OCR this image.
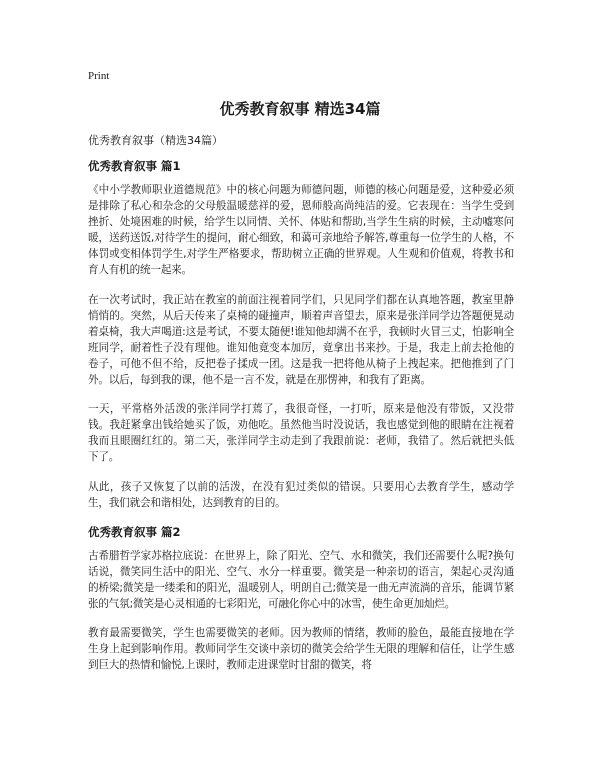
Print
优秀教育叙事 精选34篇

优秀教育叙事（精选34篇）

优秀教育叙事 篇1

《中小学教师职业道德规范》中的核心问题为师德问题，师德的核心问题是爱，这种爱必须是排除了私心和杂念的父母般温暖慈祥的爱，恩师般高尚纯洁的爱。它表现在：当学生受到挫折、处境困难的时候，给学生以同情、关怀、体贴和帮助,当学生生病的时候，主动嘘寒问暖，送药送饭,对待学生的提问，耐心细致，和蔼可亲地给予解答,尊重每一位学生的人格，不体罚或变相体罚学生,对学生严格要求，帮助树立正确的世界观。人生观和价值观，将教书和育人有机的统一起来。

在一次考试时，我正站在教室的前面注视着同学们，只见同学们都在认真地答题，教室里静悄悄的。突然，从后天传来了桌椅的碰撞声，顺着声音望去，原来是张洋同学边答题便晃动着桌椅，我大声喝道:这是考试，不要太随便!谁知他却满不在乎，我顿时火冒三丈，怕影响全班同学，耐着性子没有理他。谁知他竟变本加厉，竟拿出书来抄。于是，我走上前去抢他的卷子，可他不但不给，反把卷子揉成一团。这是我一把将他从椅子上拽起来。把他推到了门外。以后，每到我的课，他不是一言不发，就是在那愣神，和我有了距离。

一天，平常格外活泼的张洋同学打蔫了，我很奇怪，一打听，原来是他没有带饭，又没带钱。我赶紧拿出钱给她买了饭，劝他吃。虽然他当时没说话，我也感觉到他的眼睛在注视着我而且眼圈红红的。第二天，张洋同学主动走到了我跟前说：老师，我错了。然后就把头低下了。

从此，孩子又恢复了以前的活泼，在没有犯过类似的错误。只要用心去教育学生，感动学生，我们就会和谐相处，达到教育的目的。

优秀教育叙事 篇2

古希腊哲学家苏格拉底说：在世界上，除了阳光、空气、水和微笑，我们还需要什么呢?换句话说，微笑同生活中的阳光、空气、水分一样重要。微笑是一种亲切的语言，架起心灵沟通的桥梁;微笑是一缕柔和的阳光，温暖别人，明朗自己;微笑是一曲无声流淌的音乐，能调节紧张的气氛;微笑是心灵相通的七彩阳光，可融化你心中的冰雪，使生命更加灿烂。

教育最需要微笑，学生也需要微笑的老师。因为教师的情绪，教师的脸色，最能直接地在学生身上起到影响作用。教师同学生交谈中亲切的微笑会给学生无限的理解和信任，让学生感到巨大的热情和愉悦,上课时，教师走进课堂时甘甜的微笑，将
